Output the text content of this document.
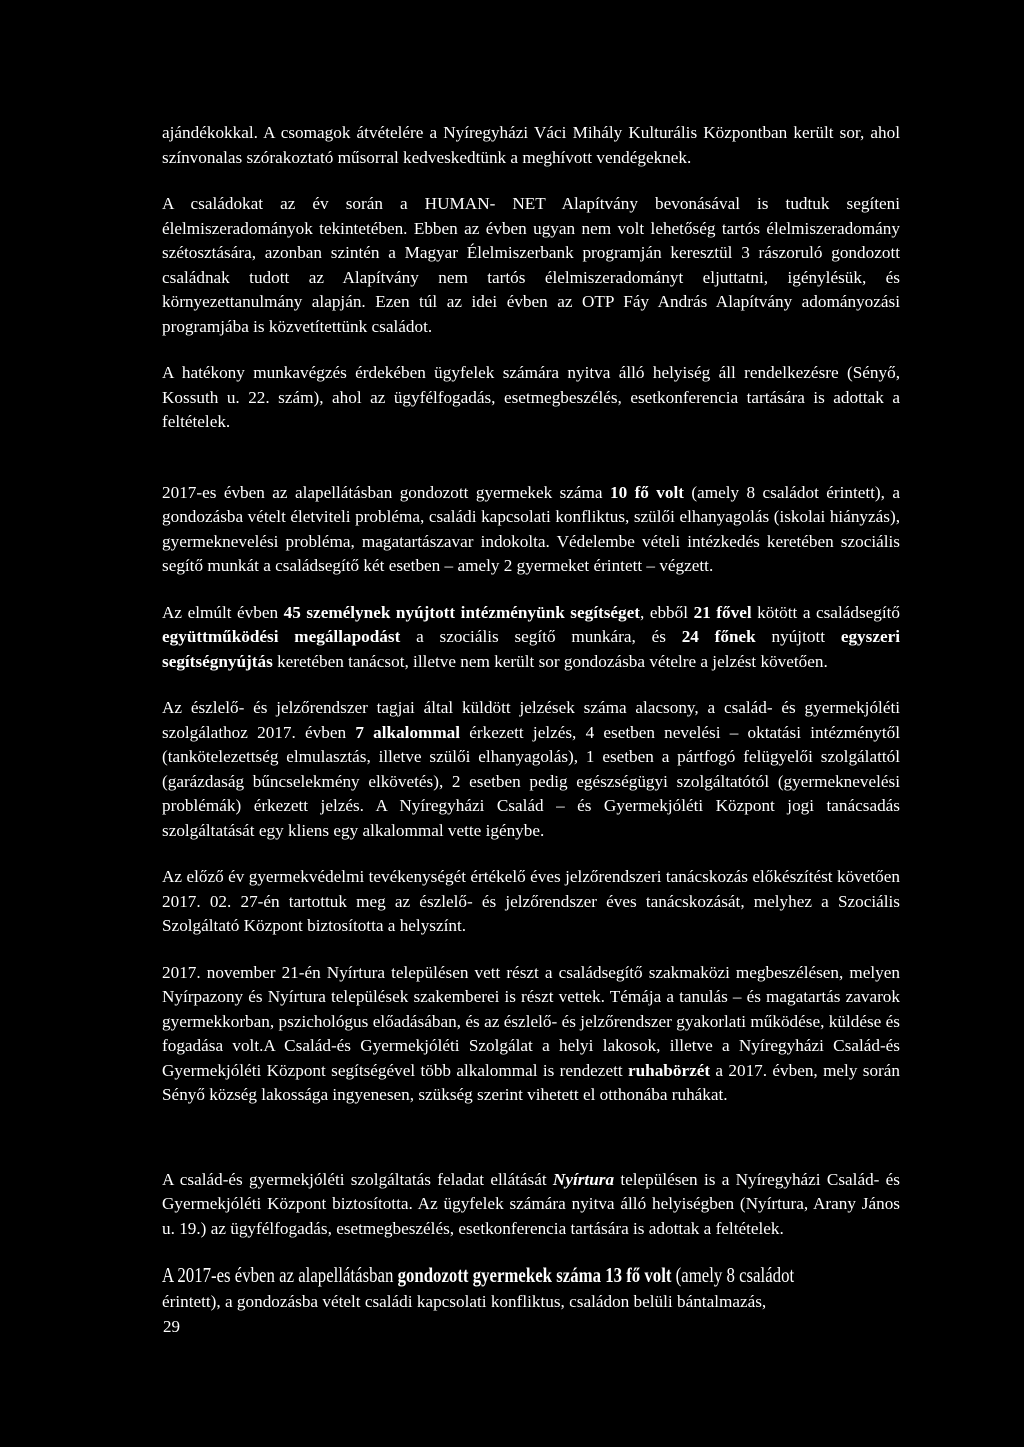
ajándékokkal. A csomagok átvételére a Nyíregyházi Váci Mihály Kulturális Központban került sor, ahol színvonalas szórakoztató műsorral kedveskedtünk a meghívott vendégeknek.

A családokat az év során a HUMAN- NET Alapítvány bevonásával is tudtuk segíteni élelmiszeradományok tekintetében. Ebben az évben ugyan nem volt lehetőség tartós élelmiszeradomány szétosztására, azonban szintén a Magyar Élelmiszerbank programján keresztül 3 rászoruló gondozott családnak tudott az Alapítvány nem tartós élelmiszeradományt eljuttatni, igénylésük, és környezettanulmány alapján. Ezen túl az idei évben az OTP Fáy András Alapítvány adományozási programjába is közvetítettünk családot.

A hatékony munkavégzés érdekében ügyfelek számára nyitva álló helyiség áll rendelkezésre (Sényő, Kossuth u. 22. szám), ahol az ügyfélfogadás, esetmegbeszélés, esetkonferencia tartására is adottak a feltételek.

2017-es évben az alapellátásban gondozott gyermekek száma 10 fő volt (amely 8 családot érintett), a gondozásba vételt életviteli probléma, családi kapcsolati konfliktus, szülői elhanyagolás (iskolai hiányzás), gyermeknevelési probléma, magatartászavar indokolta. Védelembe vételi intézkedés keretében szociális segítő munkát a családsegítő két esetben – amely 2 gyermeket érintett – végzett.

Az elmúlt évben 45 személynek nyújtott intézményünk segítséget, ebből 21 fővel kötött a családsegítő együttműködési megállapodást a szociális segítő munkára, és 24 főnek nyújtott egyszeri segítségnyújtás keretében tanácsot, illetve nem került sor gondozásba vételre a jelzést követően.

Az észlelő- és jelzőrendszer tagjai által küldött jelzések száma alacsony, a család- és gyermekjóléti szolgálathoz 2017. évben 7 alkalommal érkezett jelzés, 4 esetben nevelési – oktatási intézménytől (tankötelezettség elmulasztás, illetve szülői elhanyagolás), 1 esetben a pártfogó felügyelői szolgálattól (garázdaság bűncselekmény elkövetés), 2 esetben pedig egészségügyi szolgáltatótól (gyermeknevelési problémák) érkezett jelzés. A Nyíregyházi Család – és Gyermekjóléti Központ jogi tanácsadás szolgáltatását egy kliens egy alkalommal vette igénybe.

Az előző év gyermekvédelmi tevékenységét értékelő éves jelzőrendszeri tanácskozás előkészítést követően 2017. 02. 27-én tartottuk meg az észlelő- és jelzőrendszer éves tanácskozását, melyhez a Szociális Szolgáltató Központ biztosította a helyszínt.

2017. november 21-én Nyírtura településen vett részt a családsegítő szakmaközi megbeszélésen, melyen Nyírpazony és Nyírtura települések szakemberei is részt vettek. Témája a tanulás – és magatartás zavarok gyermekkorban, pszichológus előadásában, és az észlelő- és jelzőrendszer gyakorlati működése, küldése és fogadása volt.A Család-és Gyermekjóléti Szolgálat a helyi lakosok, illetve a Nyíregyházi Család-és Gyermekjóléti Központ segítségével több alkalommal is rendezett ruhabörzét a 2017. évben, mely során Sényő község lakossága ingyenesen, szükség szerint vihetett el otthonába ruhákat.

A család-és gyermekjóléti szolgáltatás feladat ellátását Nyírtura településen is a Nyíregyházi Család- és Gyermekjóléti Központ biztosította. Az ügyfelek számára nyitva álló helyiségben (Nyírtura, Arany János u. 19.) az ügyfélfogadás, esetmegbeszélés, esetkonferencia tartására is adottak a feltételek.

A 2017-es évben az alapellátásban gondozott gyermekek száma 13 fő volt (amely 8 családot
érintett), a gondozásba vételt családi kapcsolati konfliktus, családon belüli bántalmazás,

29
